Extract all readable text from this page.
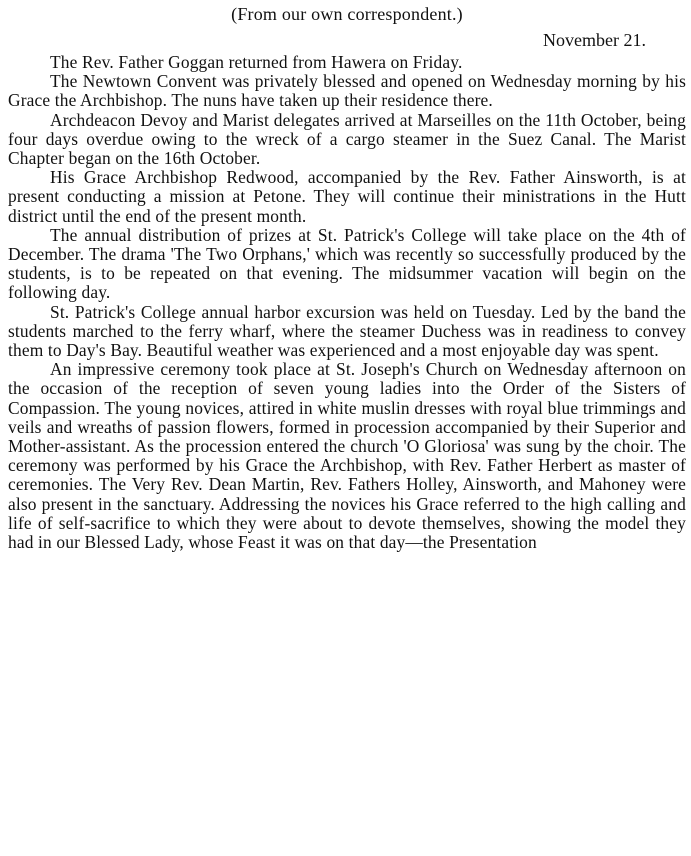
(From our own correspondent.)
November 21.

The Rev. Father Goggan returned from Hawera on Friday.

The Newtown Convent was privately blessed and opened on Wednesday morning by his Grace the Archbishop. The nuns have taken up their residence there.

Archdeacon Devoy and Marist delegates arrived at Marseilles on the 11th October, being four days overdue owing to the wreck of a cargo steamer in the Suez Canal. The Marist Chapter began on the 16th October.

His Grace Archbishop Redwood, accompanied by the Rev. Father Ainsworth, is at present conducting a mission at Petone. They will continue their ministrations in the Hutt district until the end of the present month.

The annual distribution of prizes at St. Patrick's College will take place on the 4th of December. The drama 'The Two Orphans,' which was recently so successfully produced by the students, is to be repeated on that evening. The midsummer vacation will begin on the following day.

St. Patrick's College annual harbor excursion was held on Tuesday. Led by the band the students marched to the ferry wharf, where the steamer Duchess was in readiness to convey them to Day's Bay. Beautiful weather was experienced and a most enjoyable day was spent.

An impressive ceremony took place at St. Joseph's Church on Wednesday afternoon on the occasion of the reception of seven young ladies into the Order of the Sisters of Compassion. The young novices, attired in white muslin dresses with royal blue trimmings and veils and wreaths of passion flowers, formed in procession accompanied by their Superior and Mother-assistant. As the procession entered the church 'O Gloriosa' was sung by the choir. The ceremony was performed by his Grace the Archbishop, with Rev. Father Herbert as master of ceremonies. The Very Rev. Dean Martin, Rev. Fathers Holley, Ainsworth, and Mahoney were also present in the sanctuary. Addressing the novices his Grace referred to the high calling and life of self-sacrifice to which they were about to devote themselves, showing the model they had in our Blessed Lady, whose Feast it was on that day—the Presentation
